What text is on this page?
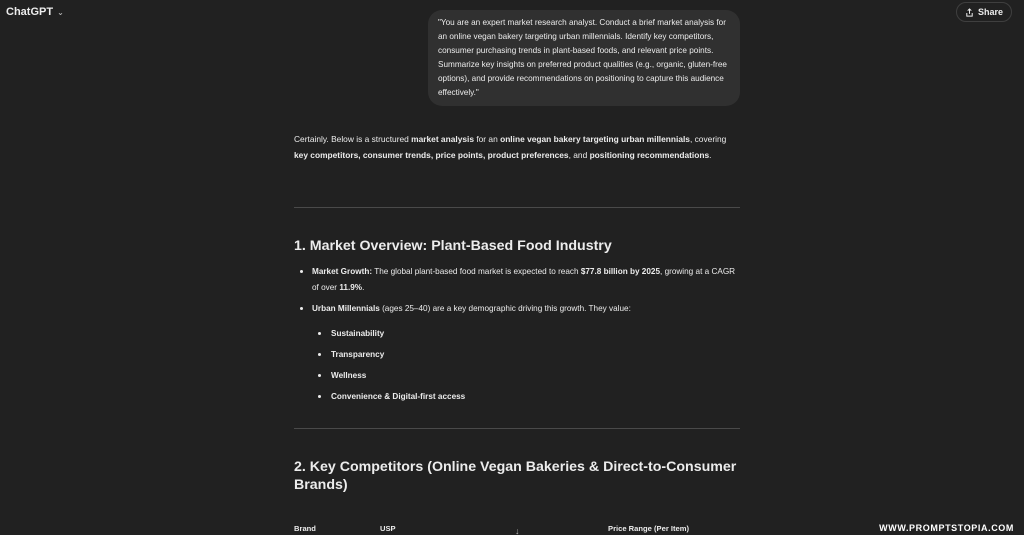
ChatGPT ⌄	Share
"You are an expert market research analyst. Conduct a brief market analysis for an online vegan bakery targeting urban millennials. Identify key competitors, consumer purchasing trends in plant-based foods, and relevant price points. Summarize key insights on preferred product qualities (e.g., organic, gluten-free options), and provide recommendations on positioning to capture this audience effectively."
Certainly. Below is a structured market analysis for an online vegan bakery targeting urban millennials, covering key competitors, consumer trends, price points, product preferences, and positioning recommendations.
1. Market Overview: Plant-Based Food Industry
Market Growth: The global plant-based food market is expected to reach $77.8 billion by 2025, growing at a CAGR of over 11.9%.
Urban Millennials (ages 25–40) are a key demographic driving this growth. They value:
Sustainability
Transparency
Wellness
Convenience & Digital-first access
2. Key Competitors (Online Vegan Bakeries & Direct-to-Consumer Brands)
Brand	USP	Price Range (Per Item)
↓	WWW.PROMPTSTOPIA.COM
